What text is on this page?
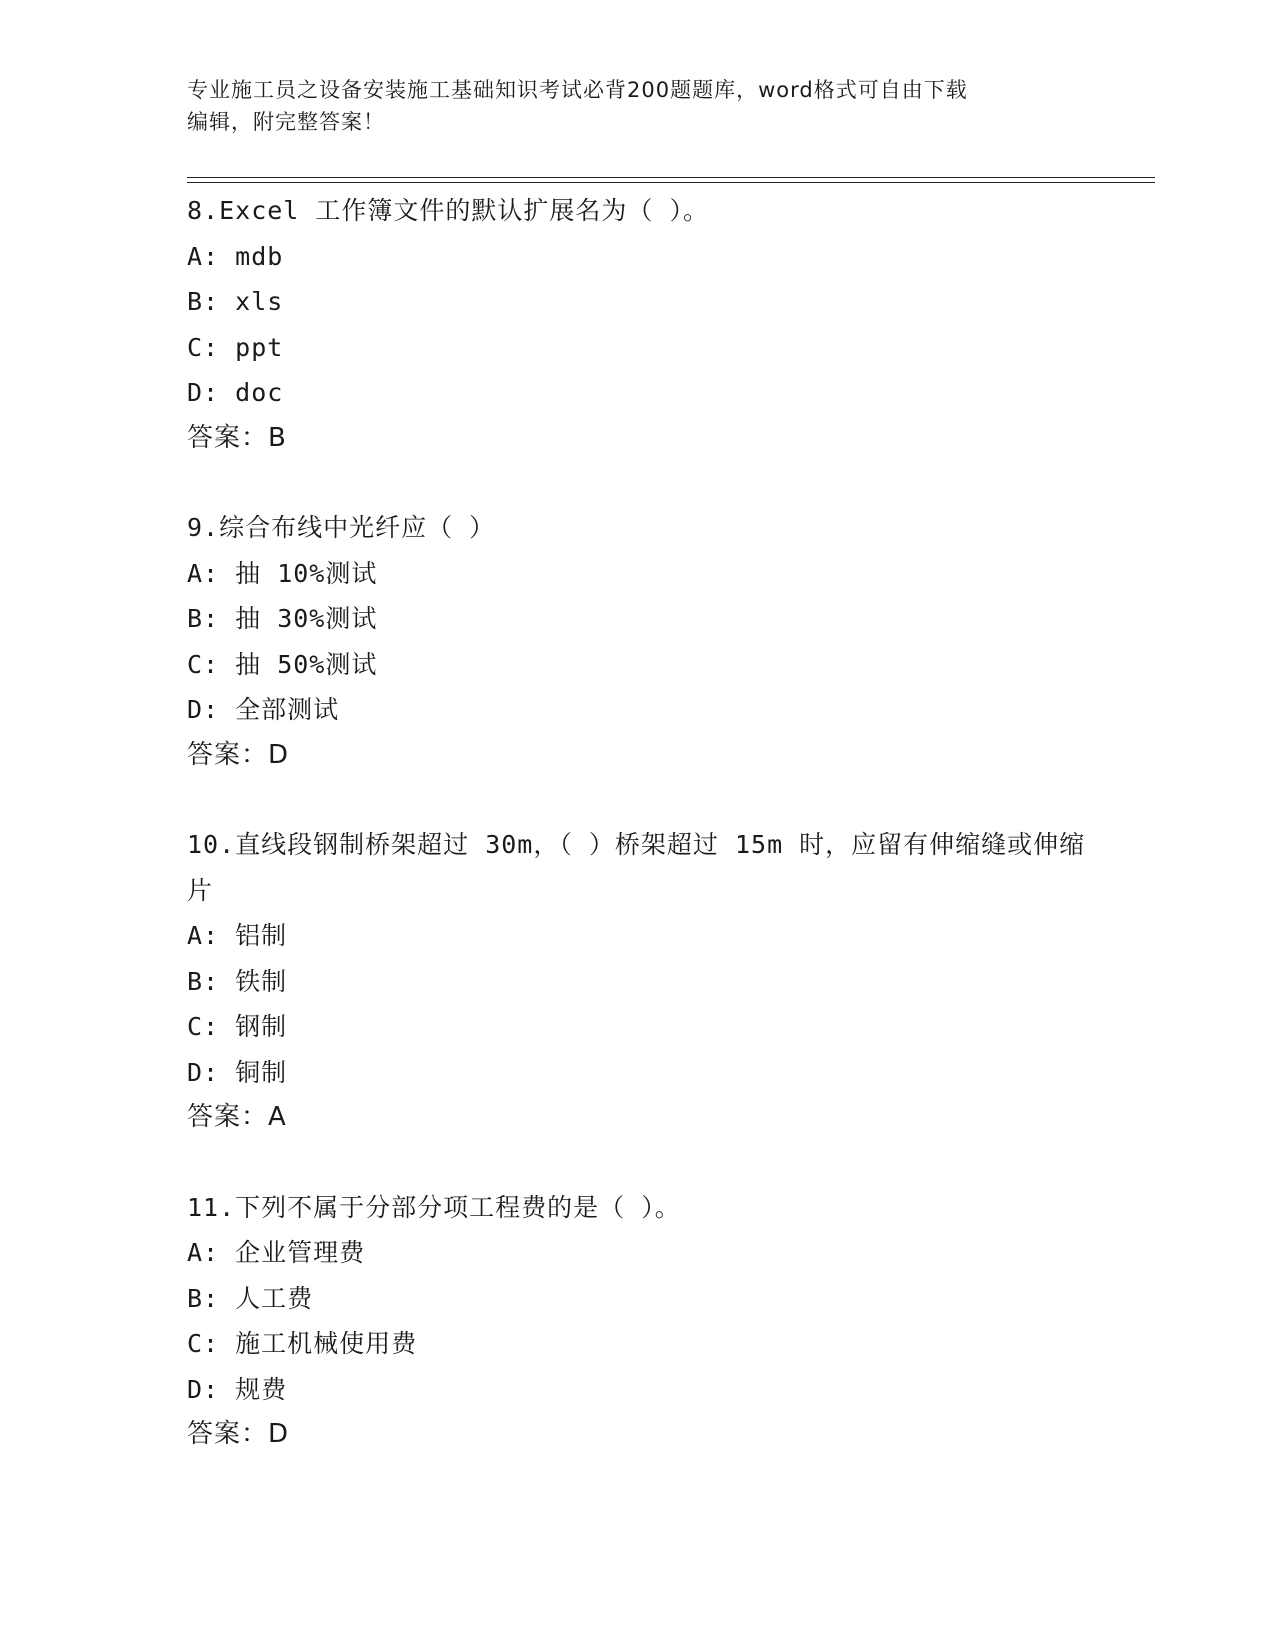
专业施工员之设备安装施工基础知识考试必背200题题库，word格式可自由下载
编辑，附完整答案！

8.Excel 工作簿文件的默认扩展名为（ ）。

A: mdb

B: xls

C: ppt

D: doc

答案：B

9.综合布线中光纤应（ ）

A: 抽 10%测试

B: 抽 30%测试

C: 抽 50%测试

D: 全部测试

答案：D

10.直线段钢制桥架超过 30m，（ ）桥架超过 15m 时，应留有伸缩缝或伸缩片

A: 铝制

B: 铁制

C: 钢制

D: 铜制

答案：A

11.下列不属于分部分项工程费的是（ ）。

A: 企业管理费

B: 人工费

C: 施工机械使用费

D: 规费

答案：D
